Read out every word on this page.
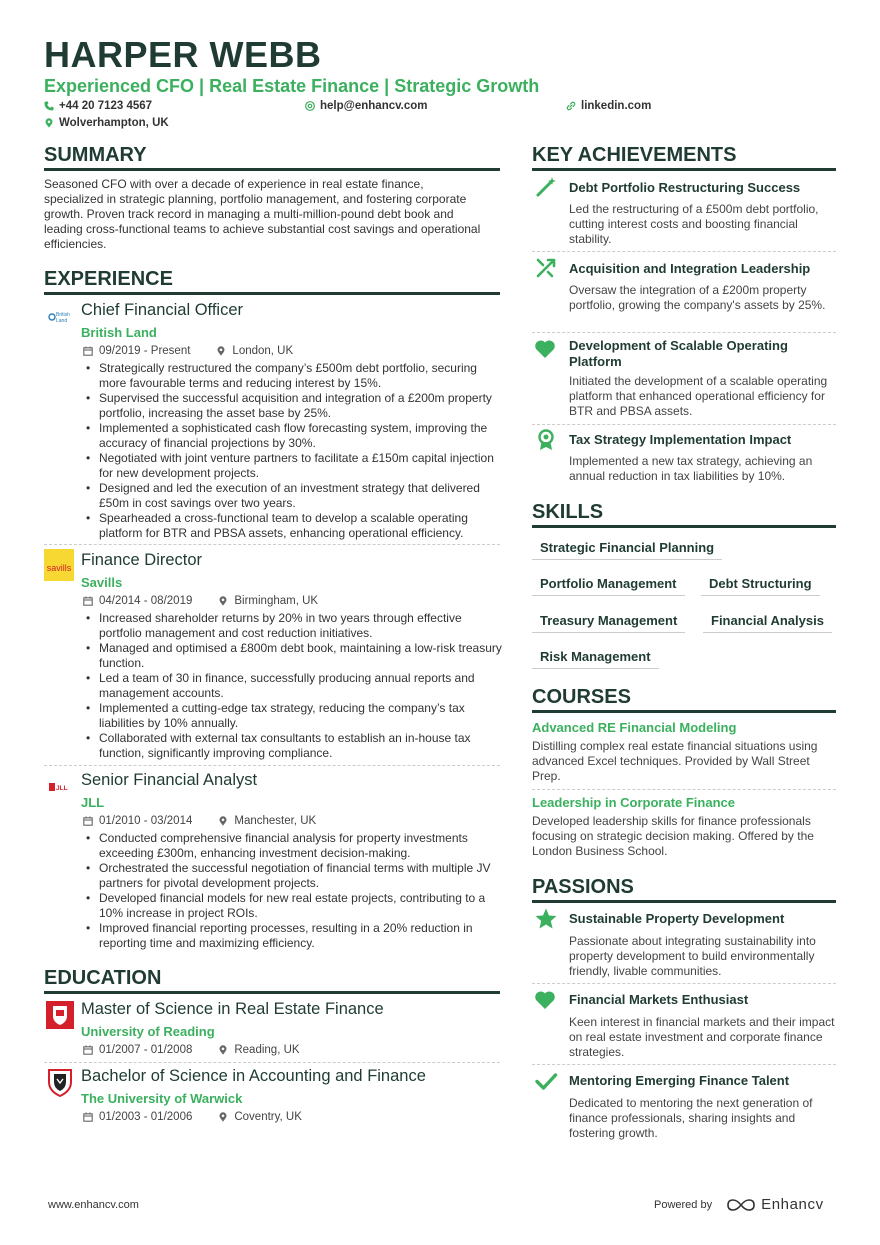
HARPER WEBB
Experienced CFO | Real Estate Finance | Strategic Growth
+44 20 7123 4567	help@enhancv.com	linkedin.com
Wolverhampton, UK
SUMMARY
Seasoned CFO with over a decade of experience in real estate finance, specialized in strategic planning, portfolio management, and fostering corporate growth. Proven track record in managing a multi-million-pound debt book and leading cross-functional teams to achieve substantial cost savings and operational efficiencies.
EXPERIENCE
British
Land
Chief Financial Officer
British Land
09/2019 - Present	London, UK
• Strategically restructured the company’s £500m debt portfolio, securing more favourable terms and reducing interest by 15%.
• Supervised the successful acquisition and integration of a £200m property portfolio, increasing the asset base by 25%.
• Implemented a sophisticated cash flow forecasting system, improving the accuracy of financial projections by 30%.
• Negotiated with joint venture partners to facilitate a £150m capital injection for new development projects.
• Designed and led the execution of an investment strategy that delivered £50m in cost savings over two years.
• Spearheaded a cross-functional team to develop a scalable operating platform for BTR and PBSA assets, enhancing operational efficiency.
savills Finance Director
Savills
04/2014 - 08/2019	Birmingham, UK
• Increased shareholder returns by 20% in two years through effective portfolio management and cost reduction initiatives.
• Managed and optimised a £800m debt book, maintaining a low-risk treasury function.
• Led a team of 30 in finance, successfully producing annual reports and management accounts.
• Implemented a cutting-edge tax strategy, reducing the company’s tax liabilities by 10% annually.
• Collaborated with external tax consultants to establish an in-house tax function, significantly improving compliance.
JLL Senior Financial Analyst
JLL
01/2010 - 03/2014	Manchester, UK
• Conducted comprehensive financial analysis for property investments exceeding £300m, enhancing investment decision-making.
• Orchestrated the successful negotiation of financial terms with multiple JV partners for pivotal development projects.
• Developed financial models for new real estate projects, contributing to a 10% increase in project ROIs.
• Improved financial reporting processes, resulting in a 20% reduction in reporting time and maximizing efficiency.
EDUCATION
Master of Science in Real Estate Finance
University of Reading
01/2007 - 01/2008	Reading, UK
Bachelor of Science in Accounting and Finance
The University of Warwick
01/2003 - 01/2006	Coventry, UK
KEY ACHIEVEMENTS
Debt Portfolio Restructuring Success
Led the restructuring of a £500m debt portfolio, cutting interest costs and boosting financial stability.
Acquisition and Integration Leadership
Oversaw the integration of a £200m property portfolio, growing the company's assets by 25%.
Development of Scalable Operating Platform
Initiated the development of a scalable operating platform that enhanced operational efficiency for BTR and PBSA assets.
Tax Strategy Implementation Impact
Implemented a new tax strategy, achieving an annual reduction in tax liabilities by 10%.
SKILLS
Strategic Financial Planning
Portfolio Management	Debt Structuring
Treasury Management	Financial Analysis
Risk Management
COURSES
Advanced RE Financial Modeling
Distilling complex real estate financial situations using advanced Excel techniques. Provided by Wall Street Prep.
Leadership in Corporate Finance
Developed leadership skills for finance professionals focusing on strategic decision making. Offered by the London Business School.
PASSIONS
Sustainable Property Development
Passionate about integrating sustainability into property development to build environmentally friendly, livable communities.
Financial Markets Enthusiast
Keen interest in financial markets and their impact on real estate investment and corporate finance strategies.
Mentoring Emerging Finance Talent
Dedicated to mentoring the next generation of finance professionals, sharing insights and fostering growth.
www.enhancv.com	Powered by	Enhancv
